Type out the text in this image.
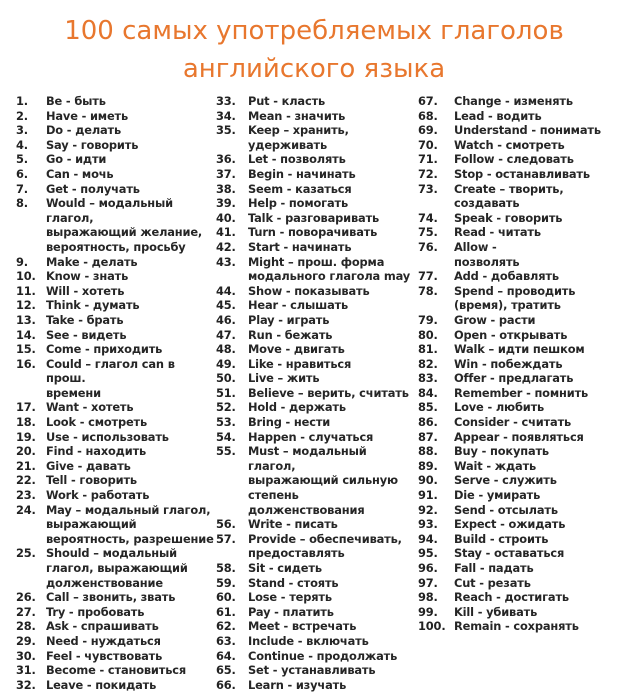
100 самых употребляемых глаголов
английского языка
1.	Be - быть
2.	Have - иметь
3.	Do - делать
4.	Say - говорить
5.	Go - идти
6.	Can - мочь
7.	Get - получать
8.	Would – модальный
глагол,
выражающий желание,
вероятность, просьбу
9.	Make - делать
10. Know - знать
11. Will - хотеть
12. Think - думать
13. Take - брать
14. See - видеть
15. Come - приходить
16. Could – глагол can в прош.
времени
17. Want - хотеть
18. Look - смотреть
19. Use - использовать
20. Find - находить
21. Give - давать
22. Tell - говорить
23. Work - работать
24. May – модальный глагол,
выражающий
вероятность, разрешение
25. Should – модальный
глагол, выражающий
долженствование
26. Call – звонить, звать
27. Try - пробовать
28. Ask - спрашивать
29. Need - нуждаться
30. Feel - чувствовать
31. Become - становиться
32. Leave - покидать
33.	Put - класть
34.	Mean - значить
35.	Keep – хранить,
удерживать
36.	Let - позволять
37.	Begin - начинать
38.	Seem - казаться
39.	Help - помогать
40.	Talk - разговаривать
41.	Turn - поворачивать
42.	Start - начинать
43.	Might – прош. форма
модального глагола may
44.	Show - показывать
45.	Hear - слышать
46.	Play - играть
47.	Run - бежать
48.	Move - двигать
49.	Like - нравиться
50.	Live – жить
51.	Believe – верить, считать
52.	Hold - держать
53.	Bring - нести
54.	Happen - случаться
55.	Must – модальный глагол,
выражающий сильную
степень долженствования
56.	Write - писать
57.	Provide – обеспечивать,
предоставлять
58.	Sit - сидеть
59.	Stand - стоять
60.	Lose - терять
61.	Pay - платить
62.	Meet - встречать
63.	Include - включать
64.	Continue - продолжать
65.	Set - устанавливать
66.	Learn - изучать
67.	Change - изменять
68.	Lead - водить
69.	Understand - понимать
70.	Watch - смотреть
71.	Follow - следовать
72.	Stop - останавливать
73.	Create – творить,
создавать
74.	Speak - говорить
75.	Read - читать
76.	Allow -
позволять
77.	Add - добавлять
78.	Spend – проводить
(время), тратить
79.	Grow - расти
80.	Open - открывать
81.	Walk – идти пешком
82.	Win - побеждать
83.	Offer - предлагать
84.	Remember - помнить
85.	Love - любить
86.	Consider - считать
87.	Appear - появляться
88.	Buy - покупать
89.	Wait - ждать
90.	Serve - служить
91.	Die - умирать
92.	Send - отсылать
93.	Expect - ожидать
94.	Build - строить
95.	Stay - оставаться
96.	Fall - падать
97.	Cut - резать
98.	Reach - достигать
99.	Kill - убивать
100. Remain - сохранять
